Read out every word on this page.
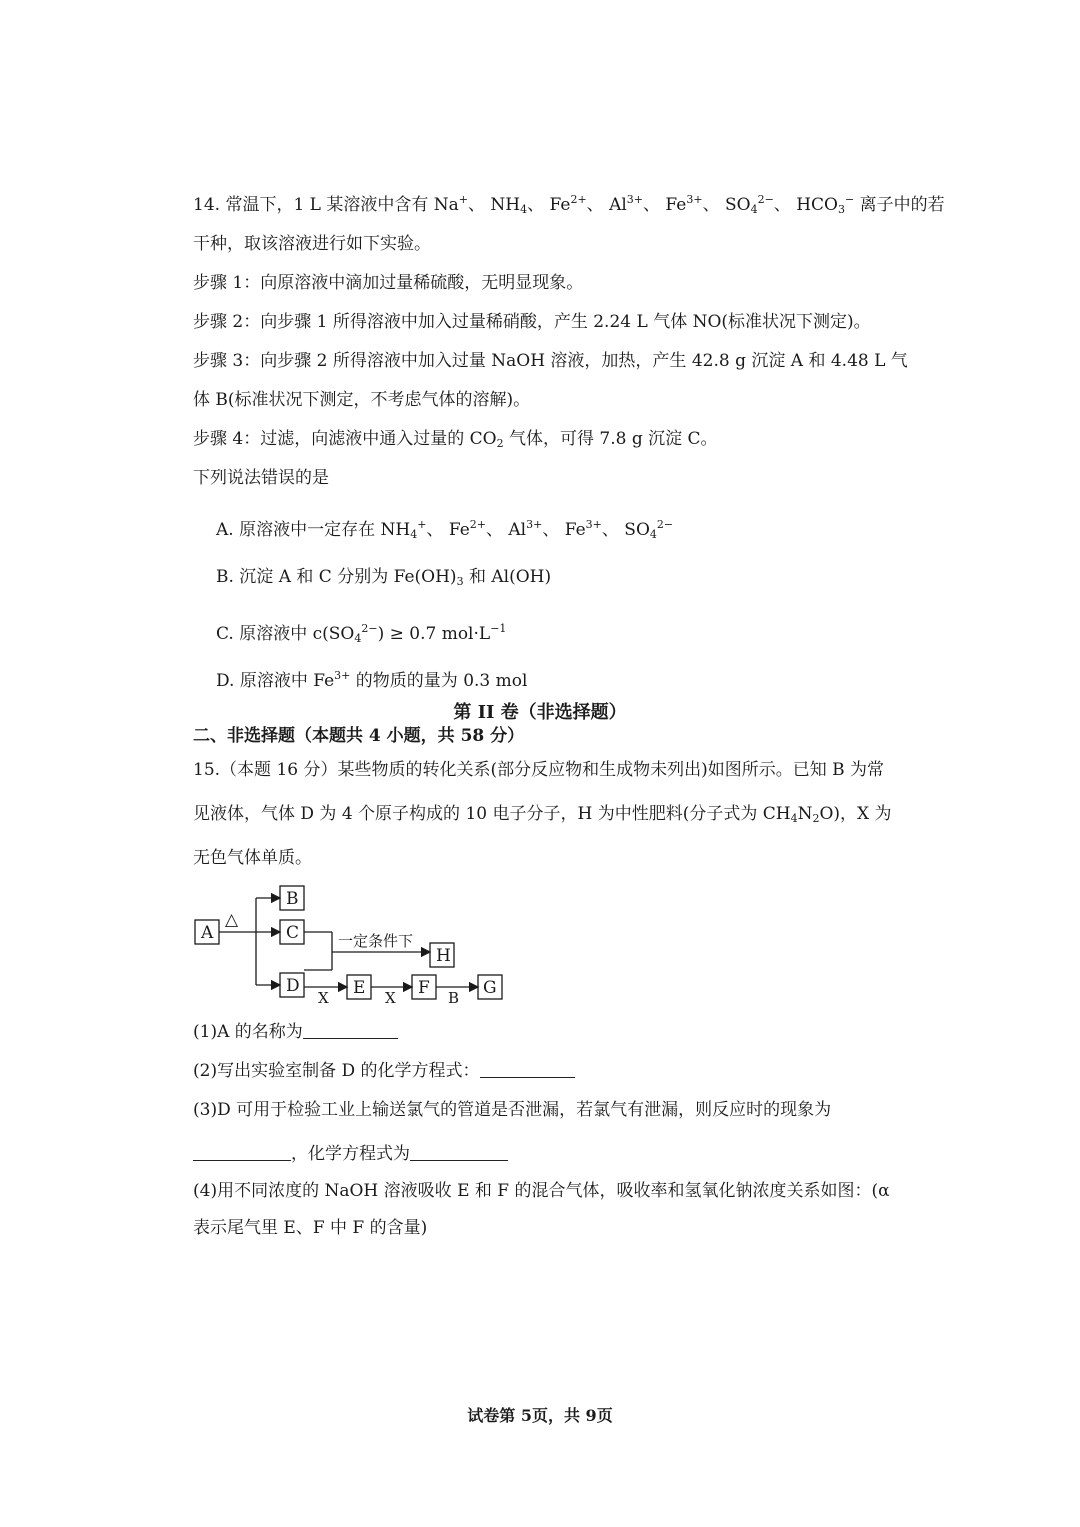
14. 常温下，1 L 某溶液中含有 Na+、 $NH_4$、 $Fe^{2+}$、 $Al^{3+}$、 $Fe^{3+}$、 $SO_4^{2-}$、 $HCO_3^-$ 离子中的若
干种，取该溶液进行如下实验。
步骤 1：向原溶液中滴加过量稀硫酸，无明显现象。
步骤 2：向步骤 1 所得溶液中加入过量稀硝酸，产生 2.24 L 气体 NO(标准状况下测定)。
步骤 3：向步骤 2 所得溶液中加入过量 NaOH 溶液，加热，产生 42.8 g 沉淀 A 和 4.48 L 气
体 B(标准状况下测定，不考虑气体的溶解)。
步骤 4：过滤，向滤液中通入过量的 $CO_2$ 气体，可得 7.8 g 沉淀 C。
下列说法错误的是
A. 原溶液中一定存在 $NH_4^+$、 $Fe^{2+}$、 $Al^{3+}$、 $Fe^{3+}$、 $SO_4^{2-}$
B. 沉淀 A 和 C 分别为 $Fe(OH)_3$ 和 Al(OH)
C. 原溶液中 $c(SO_4^{2-}) \ge 0.7$ $mol\cdot L^{-1}$
D. 原溶液中 $Fe^{3+}$ 的物质的量为 0.3 mol
第 II 卷（非选择题）
二、非选择题（本题共 4 小题，共 58 分）
15.（本题 16 分）某些物质的转化关系(部分反应物和生成物未列出)如图所示。已知 B 为常
见液体，气体 D 为 4 个原子构成的 10 电子分子，H 为中性肥料(分子式为 $CH_4N_2O$)，X 为
无色气体单质。
A
B
C
D
H
E	F	G
△
一定条件下
X	X	B
(1)A 的名称为
(2)写出实验室制备 D 的化学方程式：
(3)D 可用于检验工业上输送氯气的管道是否泄漏，若氯气有泄漏，则反应时的现象为
，化学方程式为
(4)用不同浓度的 NaOH 溶液吸收 E 和 F 的混合气体，吸收率和氢氧化钠浓度关系如图：(α
表示尾气里 E、F 中 F 的含量)
试卷第 5页，共 9页
